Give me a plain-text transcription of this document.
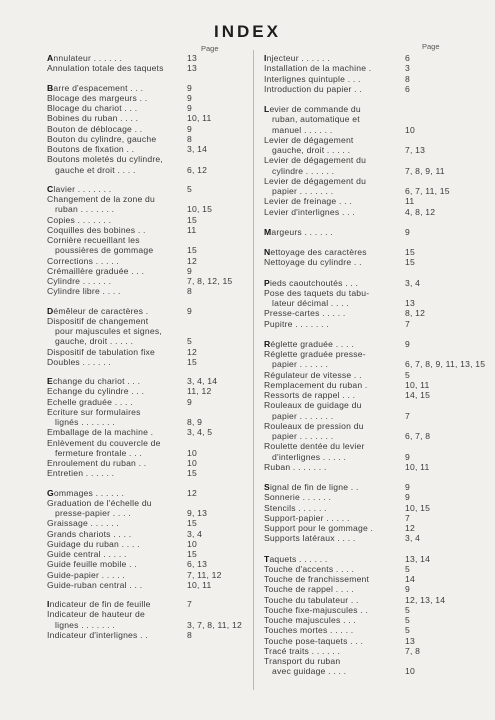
INDEX
Page
Annulateur . . . . . .	13
Annulation totale des taquets	13
Barre d'espacement . . .	9
Blocage des margeurs . .	9
Blocage du chariot . . .	9
Bobines du ruban . . . .	10, 11
Bouton de déblocage . .	9
Bouton du cylindre, gauche	8
Boutons de fixation . .	3, 14
Boutons moletés du cylindre,
gauche et droit . . . .	6, 12
Clavier . . . . . . .	5
Changement de la zone du
ruban . . . . . . .	10, 15
Copies . . . . . . .	15
Coquilles des bobines . .	11
Cornière recueillant les
poussières de gommage	15
Corrections . . . . .	12
Crémaillère graduée . . .	9
Cylindre . . . . . .	7, 8, 12, 15
Cylindre libre . . . .	8
Démêleur de caractères .	9
Dispositif de changement
pour majuscules et signes,
gauche, droit . . . . .	5
Dispositif de tabulation fixe	12
Doubles . . . . . .	15
Echange du chariot . . .	3, 4, 14
Echange du cylindre . . .	11, 12
Echelle graduée . . . .	9
Ecriture sur formulaires
lignés . . . . . . .	8, 9
Emballage de la machine .	3, 4, 5
Enlèvement du couvercle de
fermeture frontale . . .	10
Enroulement du ruban . .	10
Entretien . . . . . .	15
Gommages . . . . . .	12
Graduation de l'échelle du
presse-papier . . . .	9, 13
Graissage . . . . . .	15
Grands chariots . . . .	3, 4
Guidage du ruban . . . .	10
Guide central . . . . .	15
Guide feuille mobile . .	6, 13
Guide-papier . . . . .	7, 11, 12
Guide-ruban central . . .	10, 11
Indicateur de fin de feuille	7
Indicateur de hauteur de
lignes . . . . . . .	3, 7, 8, 11, 12
Indicateur d'interlignes . .	8
Page
Injecteur . . . . . .	6
Installation de la machine .	3
Interlignes quintuple . . .	8
Introduction du papier . .	6
Levier de commande du
ruban, automatique et
manuel . . . . . .	10
Levier de dégagement
gauche, droit . . . . .	7, 13
Levier de dégagement du
cylindre . . . . . .	7, 8, 9, 11
Levier de dégagement du
papier . . . . . . .	6, 7, 11, 15
Levier de freinage . . .	11
Levier d'interlignes . . .	4, 8, 12
Margeurs . . . . . .	9
Nettoyage des caractères	15
Nettoyage du cylindre . .	15
Pieds caoutchoutés . . .	3, 4
Pose des taquets du tabu-
lateur décimal . . . .	13
Presse-cartes . . . . .	8, 12
Pupitre . . . . . . .	7
Réglette graduée . . . .	9
Réglette graduée presse-
papier . . . . . .	6, 7, 8, 9, 11, 13, 15
Régulateur de vitesse . .	5
Remplacement du ruban .	10, 11
Ressorts de rappel . . .	14, 15
Rouleaux de guidage du
papier . . . . . . .	7
Rouleaux de pression du
papier . . . . . . .	6, 7, 8
Roulette dentée du levier
d'interlignes . . . . .	9
Ruban . . . . . . .	10, 11
Signal de fin de ligne . .	9
Sonnerie . . . . . .	9
Stencils . . . . . .	10, 15
Support-papier . . . . .	7
Support pour le gommage .	12
Supports latéraux . . . .	3, 4
Taquets . . . . . .	13, 14
Touche d'accents . . . .	5
Touche de franchissement	14
Touche de rappel . . . .	9
Touche du tabulateur . .	12, 13, 14
Touche fixe-majuscules . .	5
Touche majuscules . . .	5
Touches mortes . . . . .	5
Touche pose-taquets . . .	13
Tracé traits . . . . . .	7, 8
Transport du ruban
avec guidage . . . .	10
